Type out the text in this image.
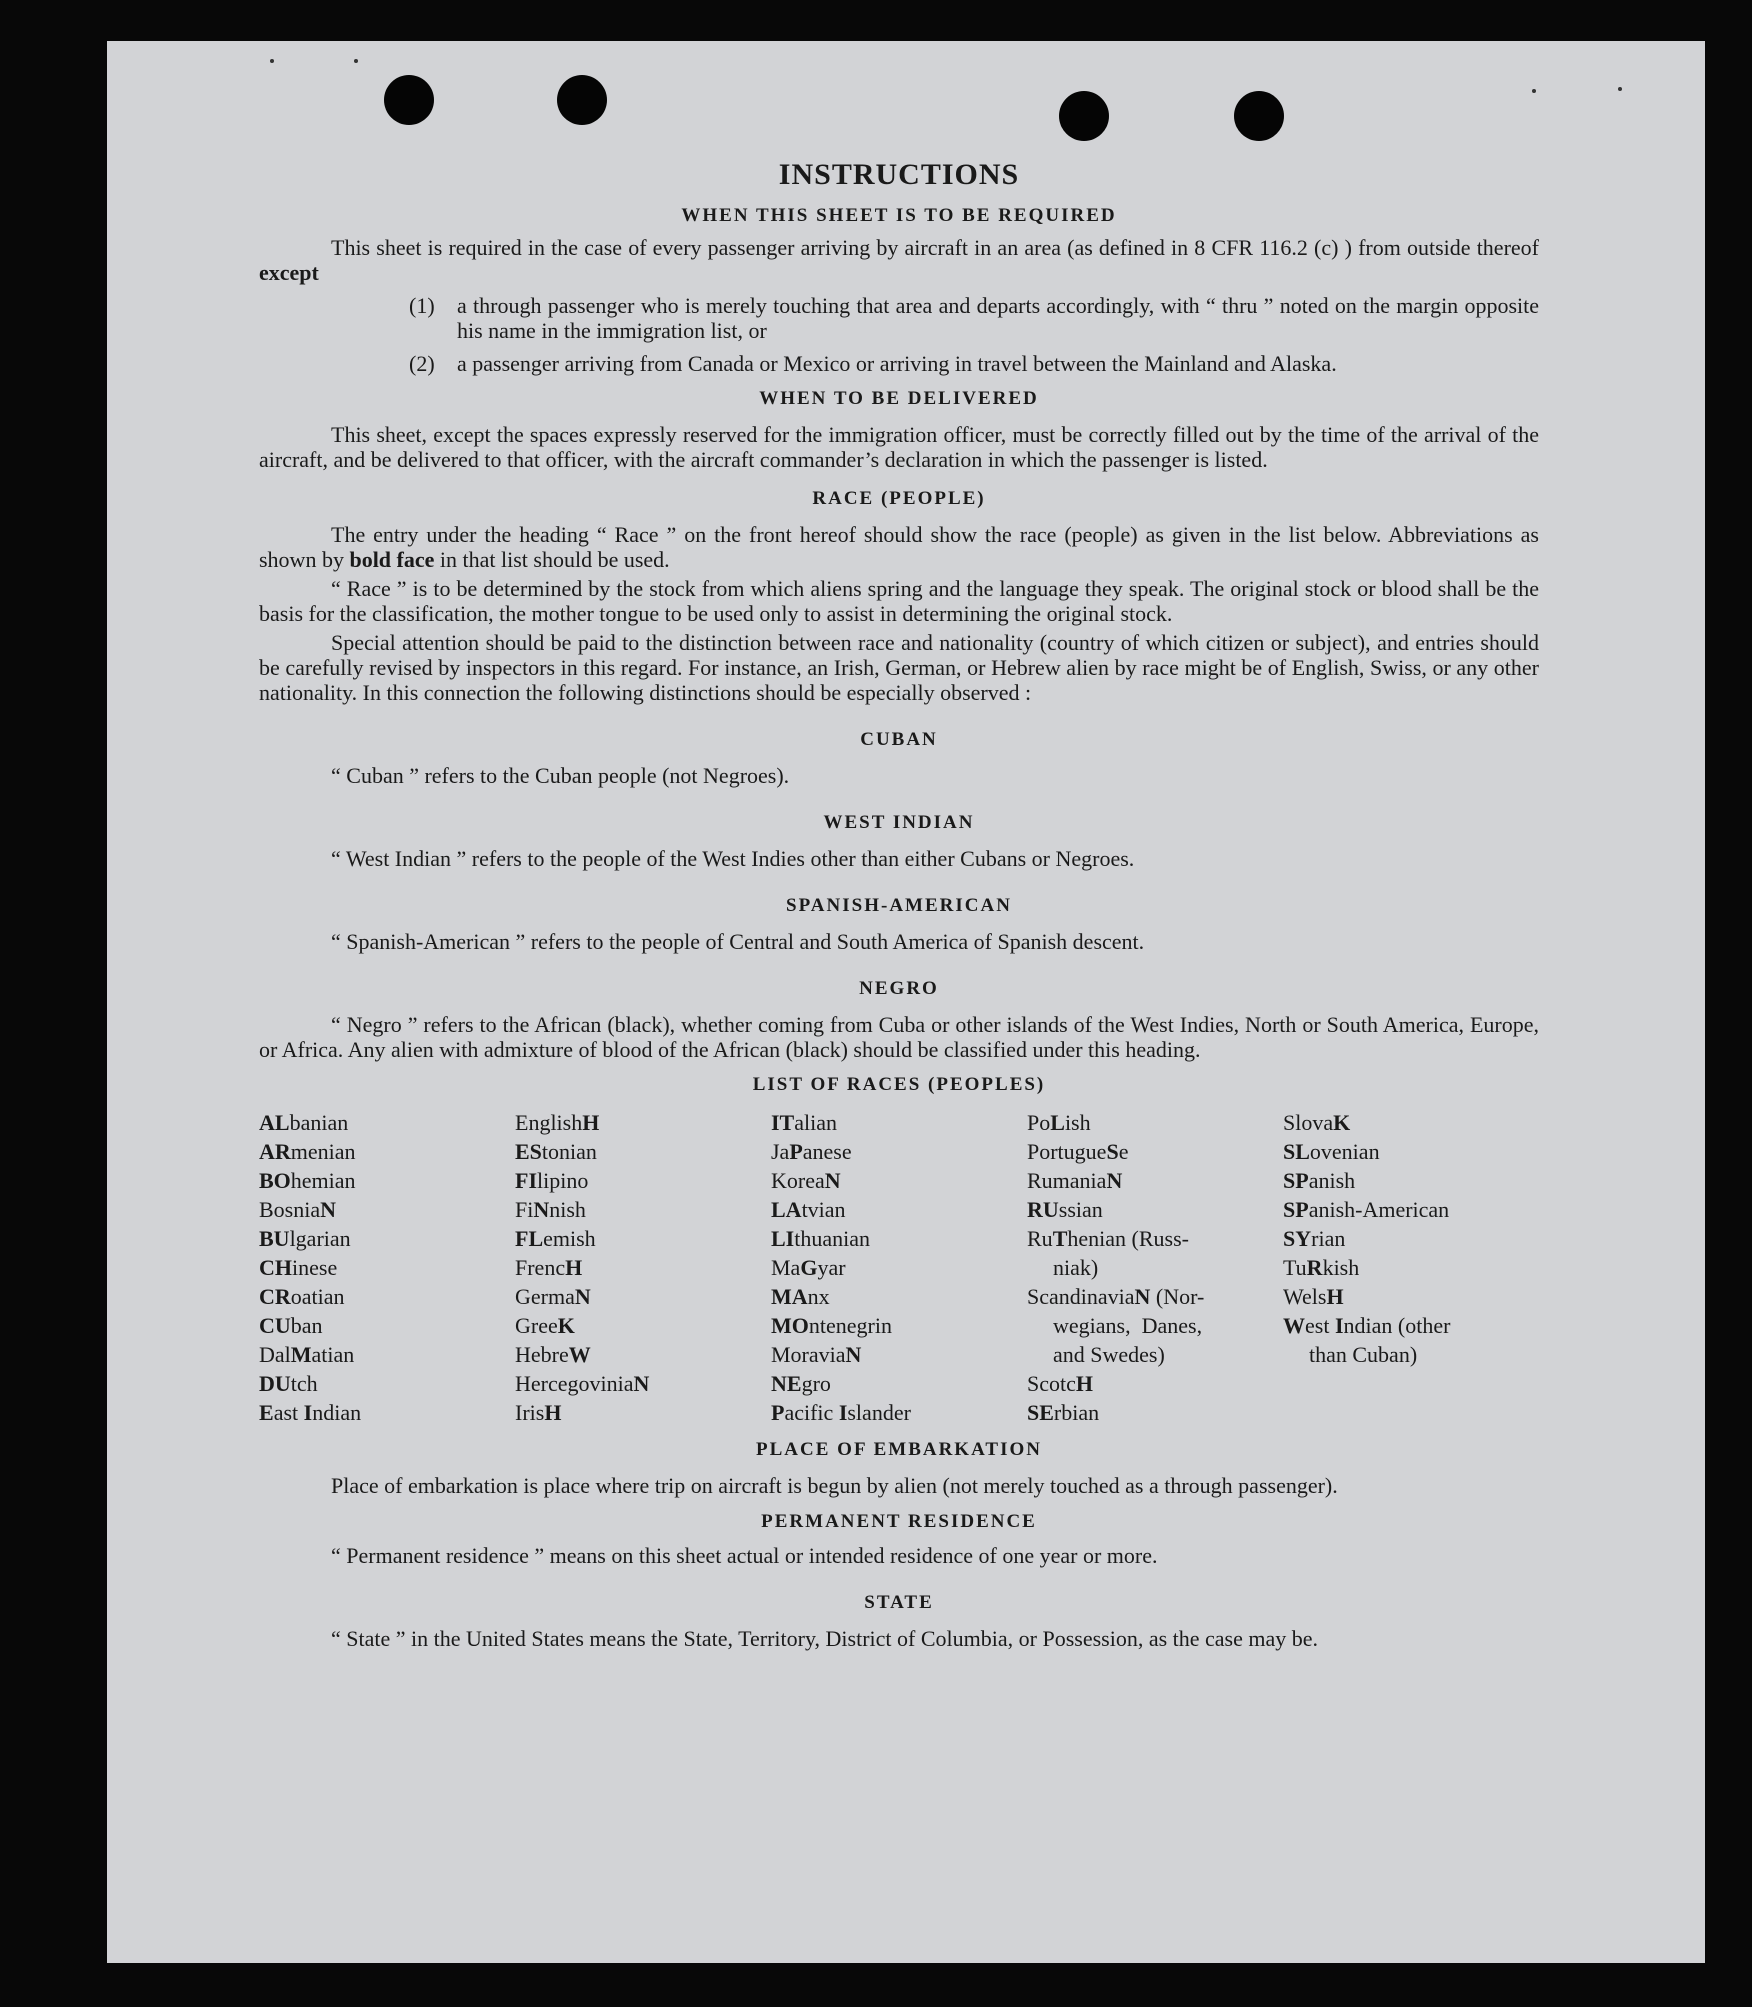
INSTRUCTIONS
WHEN THIS SHEET IS TO BE REQUIRED

This sheet is required in the case of every passenger arriving by aircraft in an area (as defined in 8 CFR 116.2 (c) ) from outside thereof except

(1)	a through passenger who is merely touching that area and departs accordingly, with “ thru ” noted on the margin opposite his name in the immigration list, or
(2)	a passenger arriving from Canada or Mexico or arriving in travel between the Mainland and Alaska.
WHEN TO BE DELIVERED

This sheet, except the spaces expressly reserved for the immigration officer, must be correctly filled out by the time of the arrival of the aircraft, and be delivered to that officer, with the aircraft commander’s declaration in which the passenger is listed.

RACE (PEOPLE)

The entry under the heading “ Race ” on the front hereof should show the race (people) as given in the list below. Abbreviations as shown by bold face in that list should be used.

“ Race ” is to be determined by the stock from which aliens spring and the language they speak. The original stock or blood shall be the basis for the classification, the mother tongue to be used only to assist in determining the original stock.

Special attention should be paid to the distinction between race and nationality (country of which citizen or subject), and entries should be carefully revised by inspectors in this regard. For instance, an Irish, German, or Hebrew alien by race might be of English, Swiss, or any other nationality. In this connection the following distinctions should be especially observed :

CUBAN

“ Cuban ” refers to the Cuban people (not Negroes).

WEST INDIAN

“ West Indian ” refers to the people of the West Indies other than either Cubans or Negroes.

SPANISH-AMERICAN

“ Spanish-American ” refers to the people of Central and South America of Spanish descent.

NEGRO

“ Negro ” refers to the African (black), whether coming from Cuba or other islands of the West Indies, North or South America, Europe, or Africa. Any alien with admixture of blood of the African (black) should be classified under this heading.

LIST OF RACES (PEOPLES)
ALbanian
ARmenian
BOhemian
BosniaN
BUlgarian
CHinese
CRoatian
CUban
DalMatian
DUtch
East Indian
EnglishH
EStonian
FIlipino
FiNnish
FLemish
FrencH
GermaN
GreeK
HebreW
HercegoviniaN
IrisH
ITalian
JaPanese
KoreaN
LAtvian
LIthuanian
MaGyar
MAnx
MOntenegrin
MoraviaN
NEgro
Pacific Islander
PoLish
PortugueSe
RumaniaN
RUssian
RuThenian (Russ-
niak)
ScandinaviaN (Nor-
wegians,  Danes,
and Swedes)
ScotcH
SErbian
SlovaK
SLovenian
SPanish
SPanish-American
SYrian
TuRkish
WelsH
West Indian (other
than Cuban)
PLACE OF EMBARKATION

Place of embarkation is place where trip on aircraft is begun by alien (not merely touched as a through passenger).

PERMANENT RESIDENCE

“ Permanent residence ” means on this sheet actual or intended residence of one year or more.

STATE

“ State ” in the United States means the State, Territory, District of Columbia, or Possession, as the case may be.
